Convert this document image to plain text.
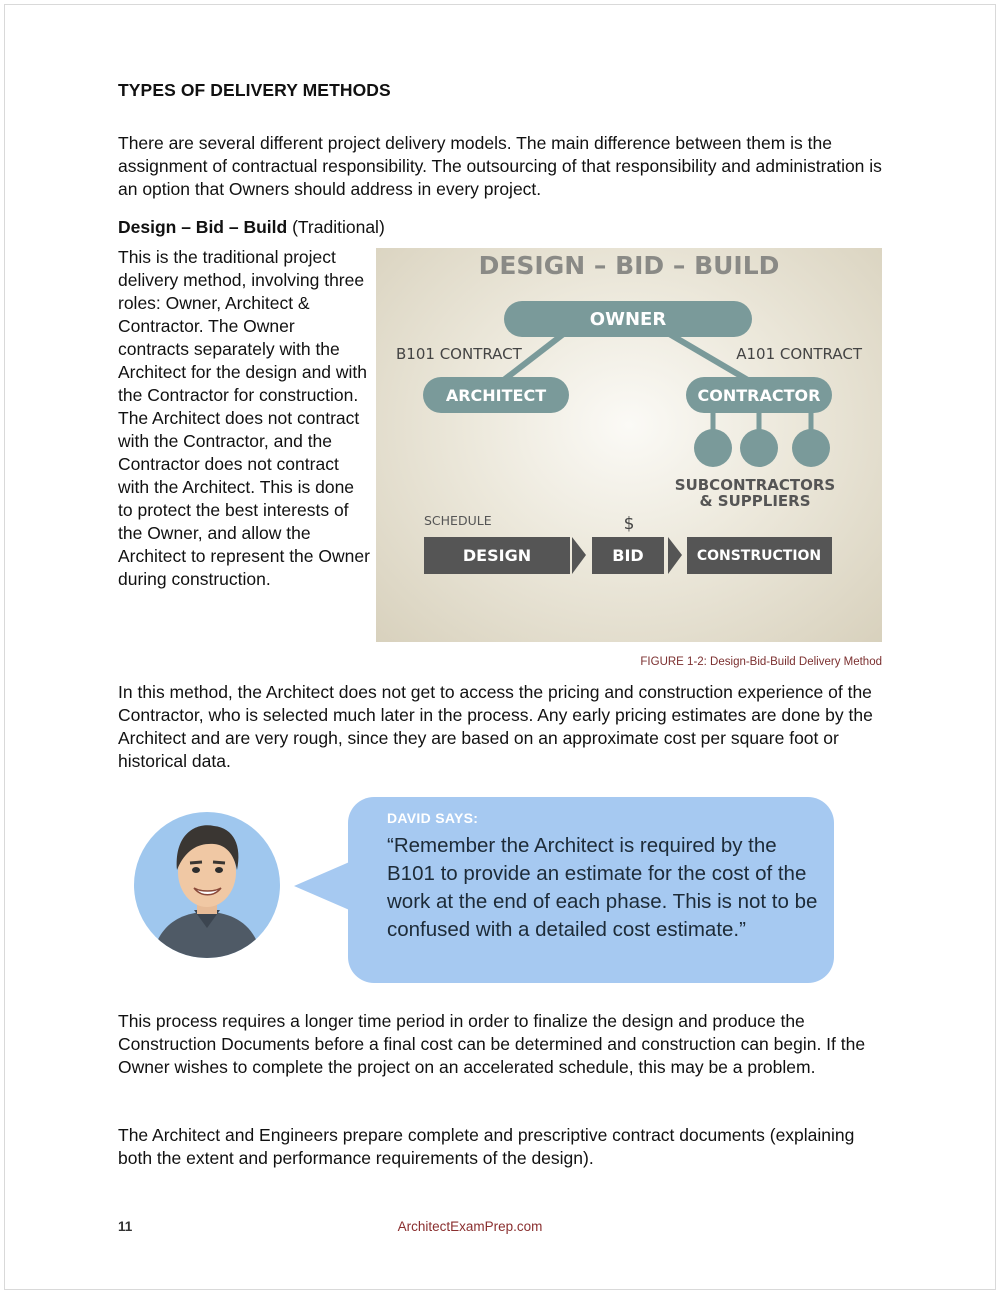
TYPES OF DELIVERY METHODS
There are several different project delivery models. The main difference between them is the assignment of contractual responsibility. The outsourcing of that responsibility and administration is an option that Owners should address in every project.
Design – Bid – Build (Traditional)
This is the traditional project delivery method, involving three roles: Owner, Architect & Contractor. The Owner contracts separately with the Architect for the design and with the Contractor for construction. The Architect does not contract with the Contractor, and the Contractor does not contract with the Architect. This is done to protect the best interests of the Owner, and allow the Architect to represent the Owner during construction.
DESIGN – BID – BUILD
OWNER
B101 CONTRACT	A101 CONTRACT
ARCHITECT	CONTRACTOR
SUBCONTRACTORS
& SUPPLIERS
SCHEDULE	$
DESIGN	BID	CONSTRUCTION
FIGURE 1-2: Design-Bid-Build Delivery Method
In this method, the Architect does not get to access the pricing and construction experience of the Contractor, who is selected much later in the process. Any early pricing estimates are done by the Architect and are very rough, since they are based on an approximate cost per square foot or historical data.
DAVID SAYS:
“Remember the Architect is required by the B101 to provide an estimate for the cost of the work at the end of each phase. This is not to be confused with a detailed cost estimate.”
This process requires a longer time period in order to finalize the design and produce the Construction Documents before a final cost can be determined and construction can begin. If the Owner wishes to complete the project on an accelerated schedule, this may be a problem.
The Architect and Engineers prepare complete and prescriptive contract documents (explaining both the extent and performance requirements of the design).
11	ArchitectExamPrep.com
